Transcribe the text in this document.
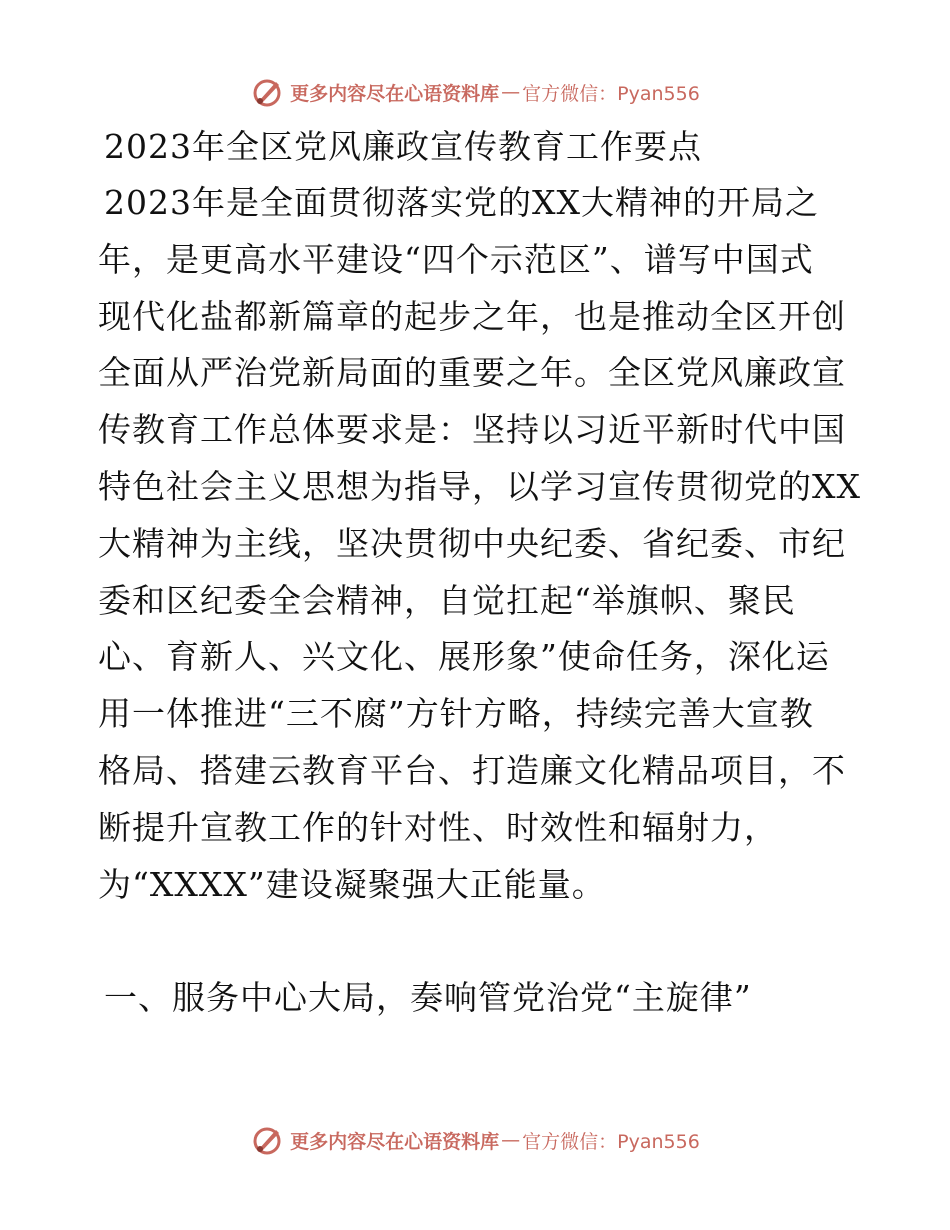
更多内容尽在心语资料库 — 官方微信：Pyan556
2023年全区党风廉政宣传教育工作要点
2023年是全面贯彻落实党的XX大精神的开局之
年，是更高水平建设“四个示范区”、谱写中国式
现代化盐都新篇章的起步之年，也是推动全区开创
全面从严治党新局面的重要之年。全区党风廉政宣
传教育工作总体要求是：坚持以习近平新时代中国
特色社会主义思想为指导，以学习宣传贯彻党的XX
大精神为主线，坚决贯彻中央纪委、省纪委、市纪
委和区纪委全会精神，自觉扛起“举旗帜、聚民
心、育新人、兴文化、展形象”使命任务，深化运
用一体推进“三不腐”方针方略，持续完善大宣教
格局、搭建云教育平台、打造廉文化精品项目，不
断提升宣教工作的针对性、时效性和辐射力，
为“XXXX”建设凝聚强大正能量。
一、服务中心大局，奏响管党治党“主旋律”
更多内容尽在心语资料库 — 官方微信：Pyan556
